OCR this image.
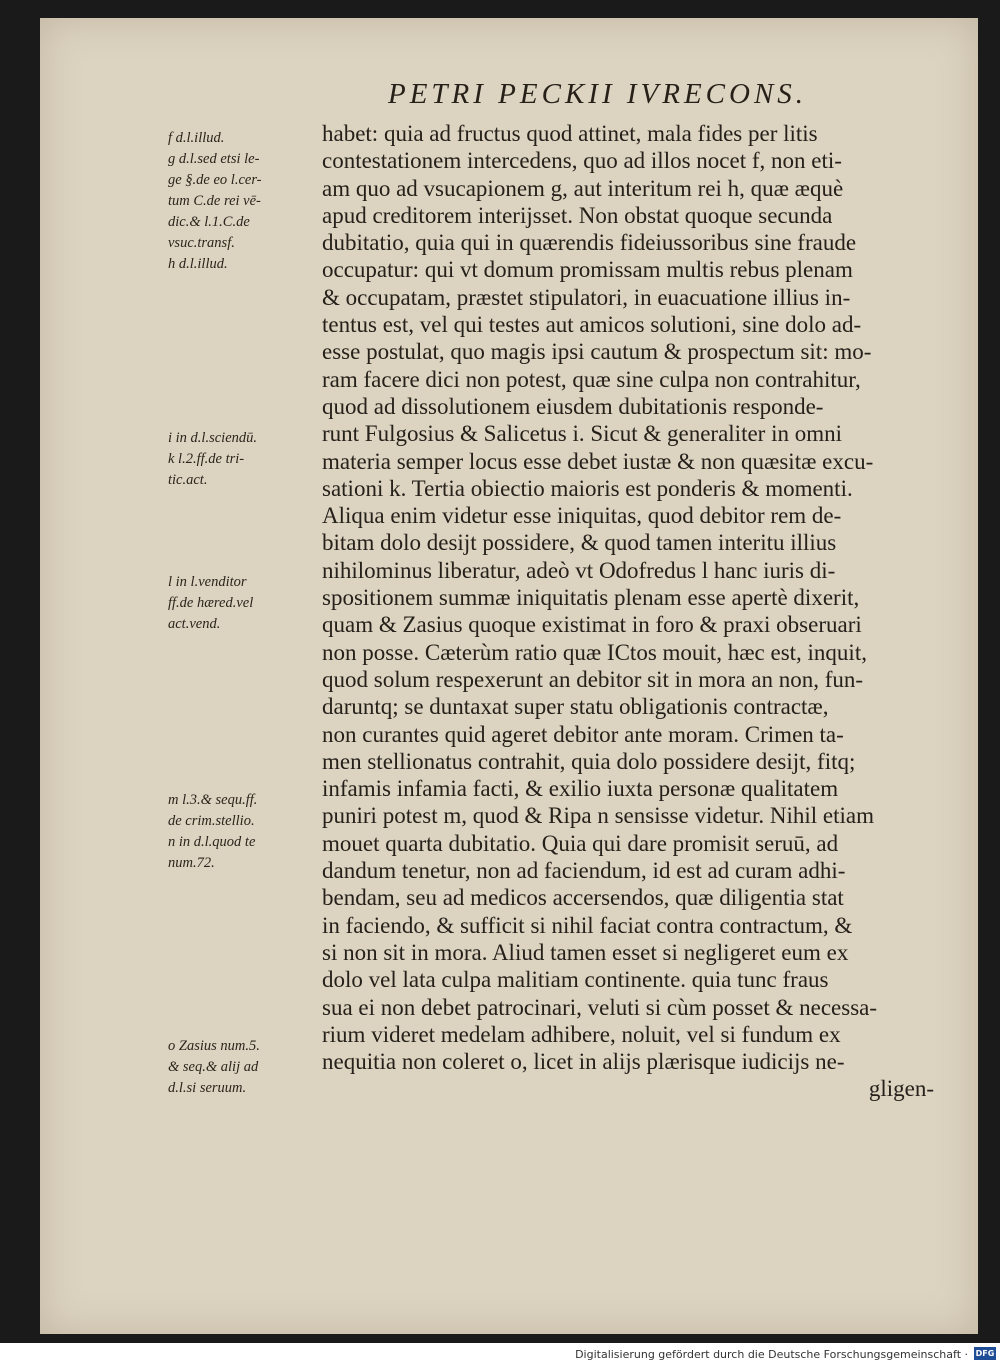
PETRI PECKII IVRECONS.
habet: quia ad fructus quod attinet, mala fides per litis
contestationem intercedens, quo ad illos nocet f, non eti-
am quo ad vsucapionem g, aut interitum rei h, quæ æquè
apud creditorem interijsset. Non obstat quoque secunda
dubitatio, quia qui in quærendis fideiussoribus sine fraude
occupatur: qui vt domum promissam multis rebus plenam
& occupatam, præstet stipulatori, in euacuatione illius in-
tentus est, vel qui testes aut amicos solutioni, sine dolo ad-
esse postulat, quo magis ipsi cautum & prospectum sit: mo-
ram facere dici non potest, quæ sine culpa non contrahitur,
quod ad dissolutionem eiusdem dubitationis responde-
runt Fulgosius & Salicetus i. Sicut & generaliter in omni
materia semper locus esse debet iustæ & non quæsitæ excu-
sationi k. Tertia obiectio maioris est ponderis & momenti.
Aliqua enim videtur esse iniquitas, quod debitor rem de-
bitam dolo desijt possidere, & quod tamen interitu illius
nihilominus liberatur, adeò vt Odofredus l hanc iuris di-
spositionem summæ iniquitatis plenam esse apertè dixerit,
quam & Zasius quoque existimat in foro & praxi obseruari
non posse. Cæterùm ratio quæ ICtos mouit, hæc est, inquit,
quod solum respexerunt an debitor sit in mora an non, fun-
daruntq; se duntaxat super statu obligationis contractæ,
non curantes quid ageret debitor ante moram. Crimen ta-
men stellionatus contrahit, quia dolo possidere desijt, fitq;
infamis infamia facti, & exilio iuxta personæ qualitatem
puniri potest m, quod & Ripa n sensisse videtur. Nihil etiam
mouet quarta dubitatio. Quia qui dare promisit seruū, ad
dandum tenetur, non ad faciendum, id est ad curam adhi-
bendam, seu ad medicos accersendos, quæ diligentia stat
in faciendo, & sufficit si nihil faciat contra contractum, &
si non sit in mora. Aliud tamen esset si negligeret eum ex
dolo vel lata culpa malitiam continente. quia tunc fraus
sua ei non debet patrocinari, veluti si cùm posset & necessa-
rium videret medelam adhibere, noluit, vel si fundum ex
nequitia non coleret o, licet in alijs plærisque iudicijs ne-
gligen-
f d.l.illud.
g d.l.sed etsi le-
ge §.de eo l.cer-
tum C.de rei vē-
dic.& l.1.C.de
vsuc.transf.
h d.l.illud.
i in d.l.sciendū.
k l.2.ff.de tri-
tic.act.
l in l.venditor
ff.de hæred.vel
act.vend.
m l.3.& sequ.ff.
de crim.stellio.
n in d.l.quod te
num.72.
o Zasius num.5.
& seq.& alij ad
d.l.si seruum.
Digitalisierung gefördert durch die Deutsche Forschungsgemeinschaft · DFG
